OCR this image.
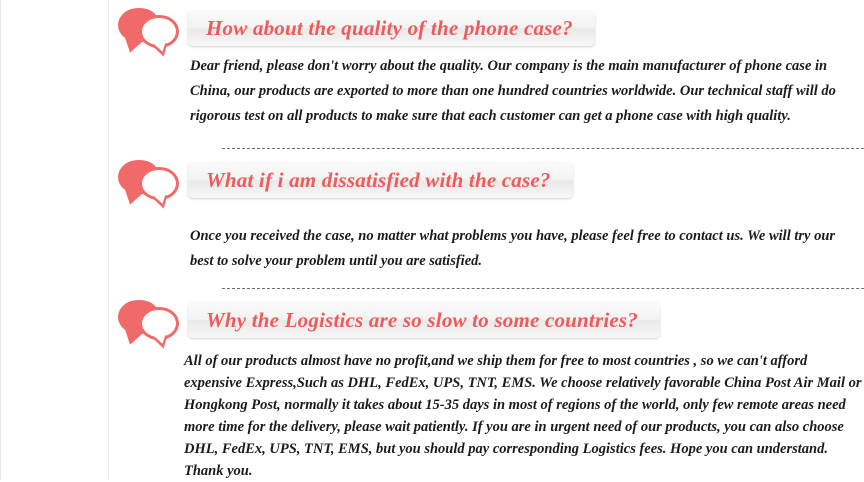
How about the quality of the phone case?
Dear friend, please don't worry about the quality. Our company is the main manufacturer of phone case in China, our products are exported to more than one hundred countries worldwide. Our technical staff will do rigorous test on all products to make sure that each customer can get a phone case with high quality.
What if i am dissatisfied with the case?
Once you received the case, no matter what problems you have, please feel free to contact us. We will try our best to solve your problem until you are satisfied.
Why the Logistics are so slow to some countries?
All of our products almost have no profit,and we ship them for free to most countries , so we can't afford expensive Express,Such as DHL, FedEx, UPS, TNT, EMS. We choose relatively favorable China Post Air Mail or Hongkong Post, normally it takes about 15-35 days in most of regions of the world, only few remote areas need more time for the delivery, please wait patiently. If you are in urgent need of our products, you can also choose DHL, FedEx, UPS, TNT, EMS, but you should pay corresponding Logistics fees. Hope you can understand. Thank you.
